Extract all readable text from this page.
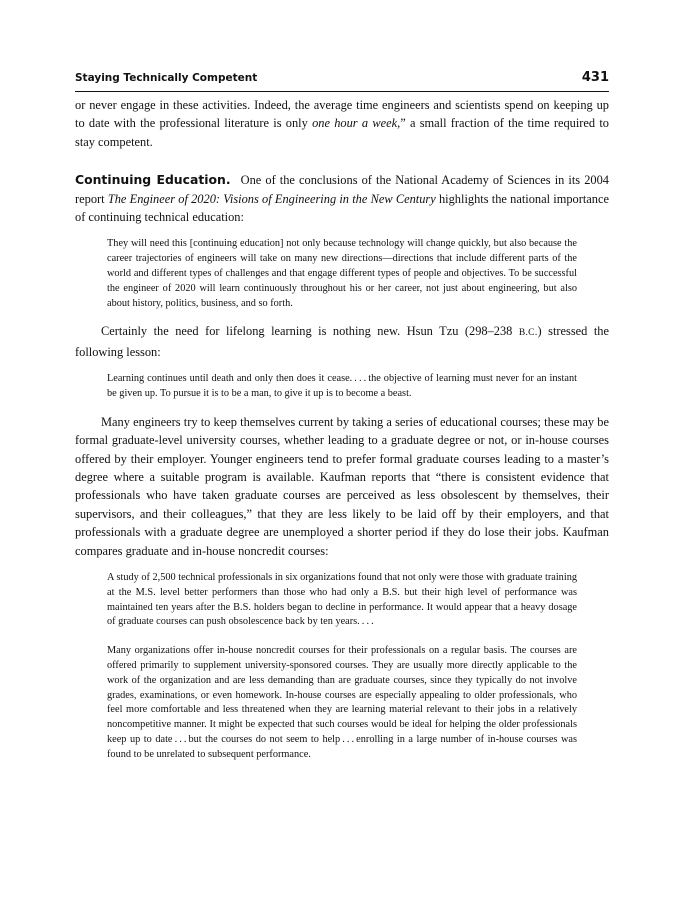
Staying Technically Competent	431

or never engage in these activities. Indeed, the average time engineers and scientists spend on keeping up to date with the professional literature is only one hour a week,” a small fraction of the time required to stay competent.

Continuing Education. One of the conclusions of the National Academy of Sciences in its 2004 report The Engineer of 2020: Visions of Engineering in the New Century highlights the national importance of continuing technical education:

They will need this [continuing education] not only because technology will change quickly, but also because the career trajectories of engineers will take on many new directions—directions that include different parts of the world and different types of challenges and that engage different types of people and objectives. To be successful the engineer of 2020 will learn continuously throughout his or her career, not just about engineering, but also about history, politics, business, and so forth.

Certainly the need for lifelong learning is nothing new. Hsun Tzu (298–238 B.C.) stressed the following lesson:

Learning continues until death and only then does it cease. . . . the objective of learning must never for an instant be given up. To pursue it is to be a man, to give it up is to become a beast.

Many engineers try to keep themselves current by taking a series of educational courses; these may be formal graduate-level university courses, whether leading to a graduate degree or not, or in-house courses offered by their employer. Younger engineers tend to prefer formal graduate courses leading to a master’s degree where a suitable program is available. Kaufman reports that “there is consistent evidence that professionals who have taken graduate courses are perceived as less obsolescent by themselves, their supervisors, and their colleagues,” that they are less likely to be laid off by their employers, and that professionals with a graduate degree are unemployed a shorter period if they do lose their jobs. Kaufman compares graduate and in-house noncredit courses:

A study of 2,500 technical professionals in six organizations found that not only were those with graduate training at the M.S. level better performers than those who had only a B.S. but their high level of performance was maintained ten years after the B.S. holders began to decline in performance. It would appear that a heavy dosage of graduate courses can push obsolescence back by ten years. . . .

Many organizations offer in-house noncredit courses for their professionals on a regular basis. The courses are offered primarily to supplement university-sponsored courses. They are usually more directly applicable to the work of the organization and are less demanding than are graduate courses, since they typically do not involve grades, examinations, or even homework. In-house courses are especially appealing to older professionals, who feel more comfortable and less threatened when they are learning material relevant to their jobs in a relatively noncompetitive manner. It might be expected that such courses would be ideal for helping the older professionals keep up to date . . . but the courses do not seem to help . . . enrolling in a large number of in-house courses was found to be unrelated to subsequent performance.
